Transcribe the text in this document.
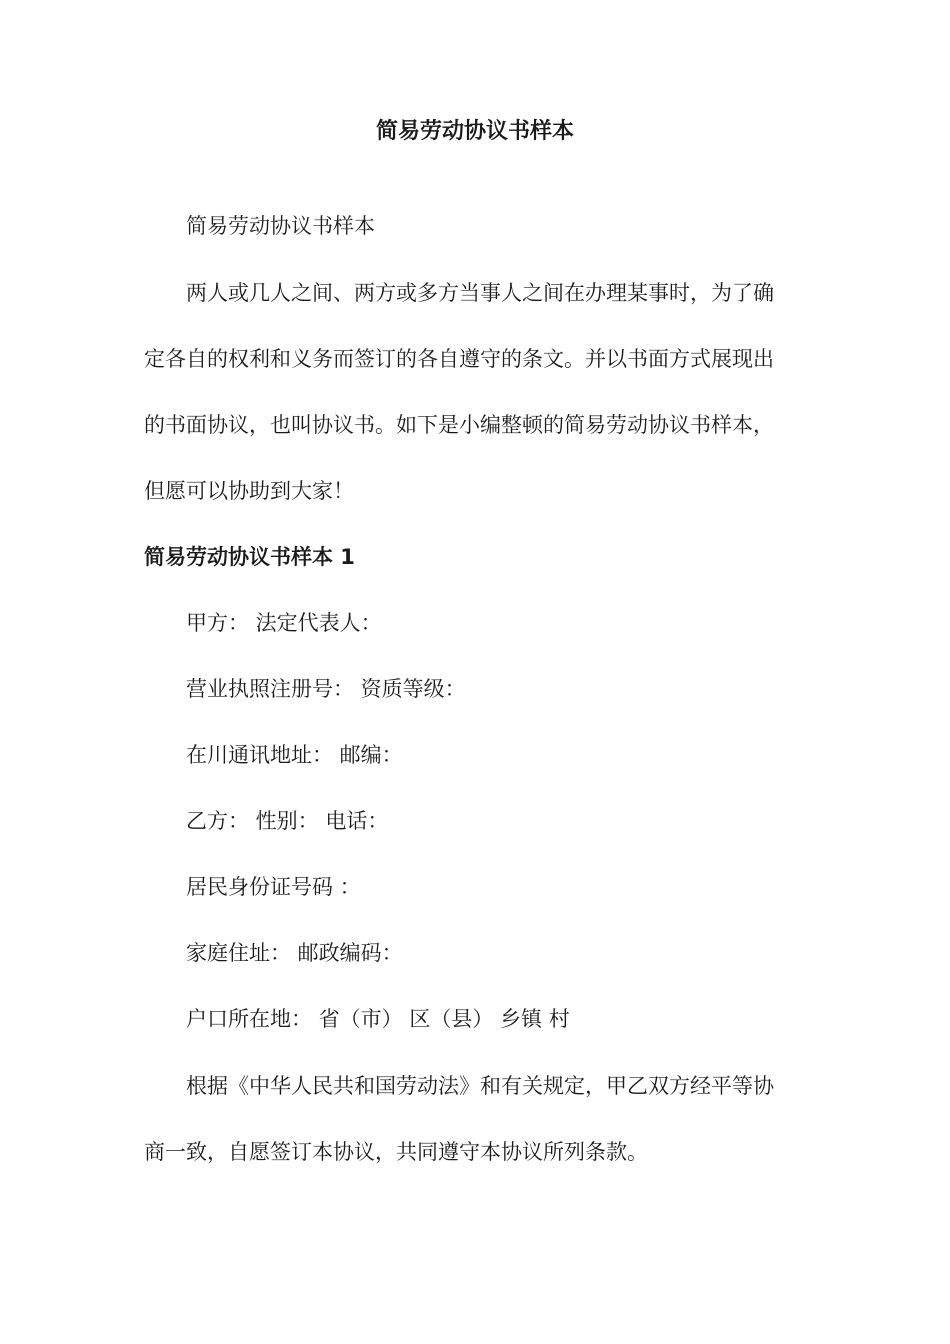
简易劳动协议书样本
简易劳动协议书样本
两人或几人之间、两方或多方当事人之间在办理某事时，为了确
定各自的权利和义务而签订的各自遵守的条文。并以书面方式展现出
的书面协议，也叫协议书。如下是小编整顿的简易劳动协议书样本，
但愿可以协助到大家！
简易劳动协议书样本 1
甲方： 法定代表人：
营业执照注册号： 资质等级：
在川通讯地址： 邮编：
乙方： 性别： 电话：
居民身份证号码 ：
家庭住址： 邮政编码：
户口所在地： 省（市） 区（县） 乡镇 村
根据《中华人民共和国劳动法》和有关规定，甲乙双方经平等协
商一致，自愿签订本协议，共同遵守本协议所列条款。
